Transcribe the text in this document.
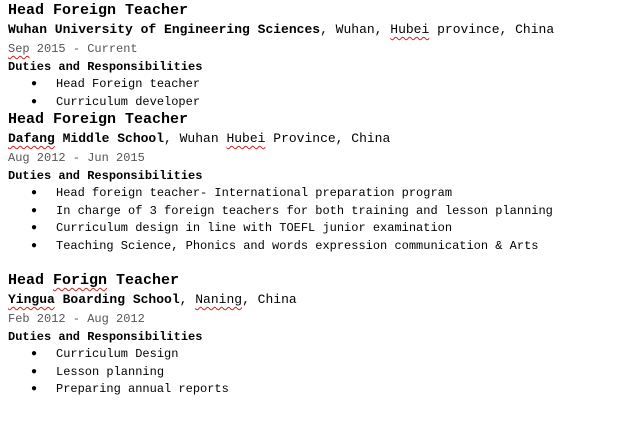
Head Foreign Teacher
Wuhan University of Engineering Sciences, Wuhan, Hubei province, China
Sep 2015 - Current
Duties and Responsibilities
● Head Foreign teacher
● Curriculum developer
Head Foreign Teacher
Dafang Middle School, Wuhan Hubei Province, China
Aug 2012 - Jun 2015
Duties and Responsibilities
● Head foreign teacher- International preparation program
● In charge of 3 foreign teachers for both training and lesson planning
● Curriculum design in line with TOEFL junior examination
● Teaching Science, Phonics and words expression communication & Arts
Head Forign Teacher
Yingua Boarding School, Naning, China
Feb 2012 - Aug 2012
Duties and Responsibilities
● Curriculum Design
● Lesson planning
● Preparing annual reports
